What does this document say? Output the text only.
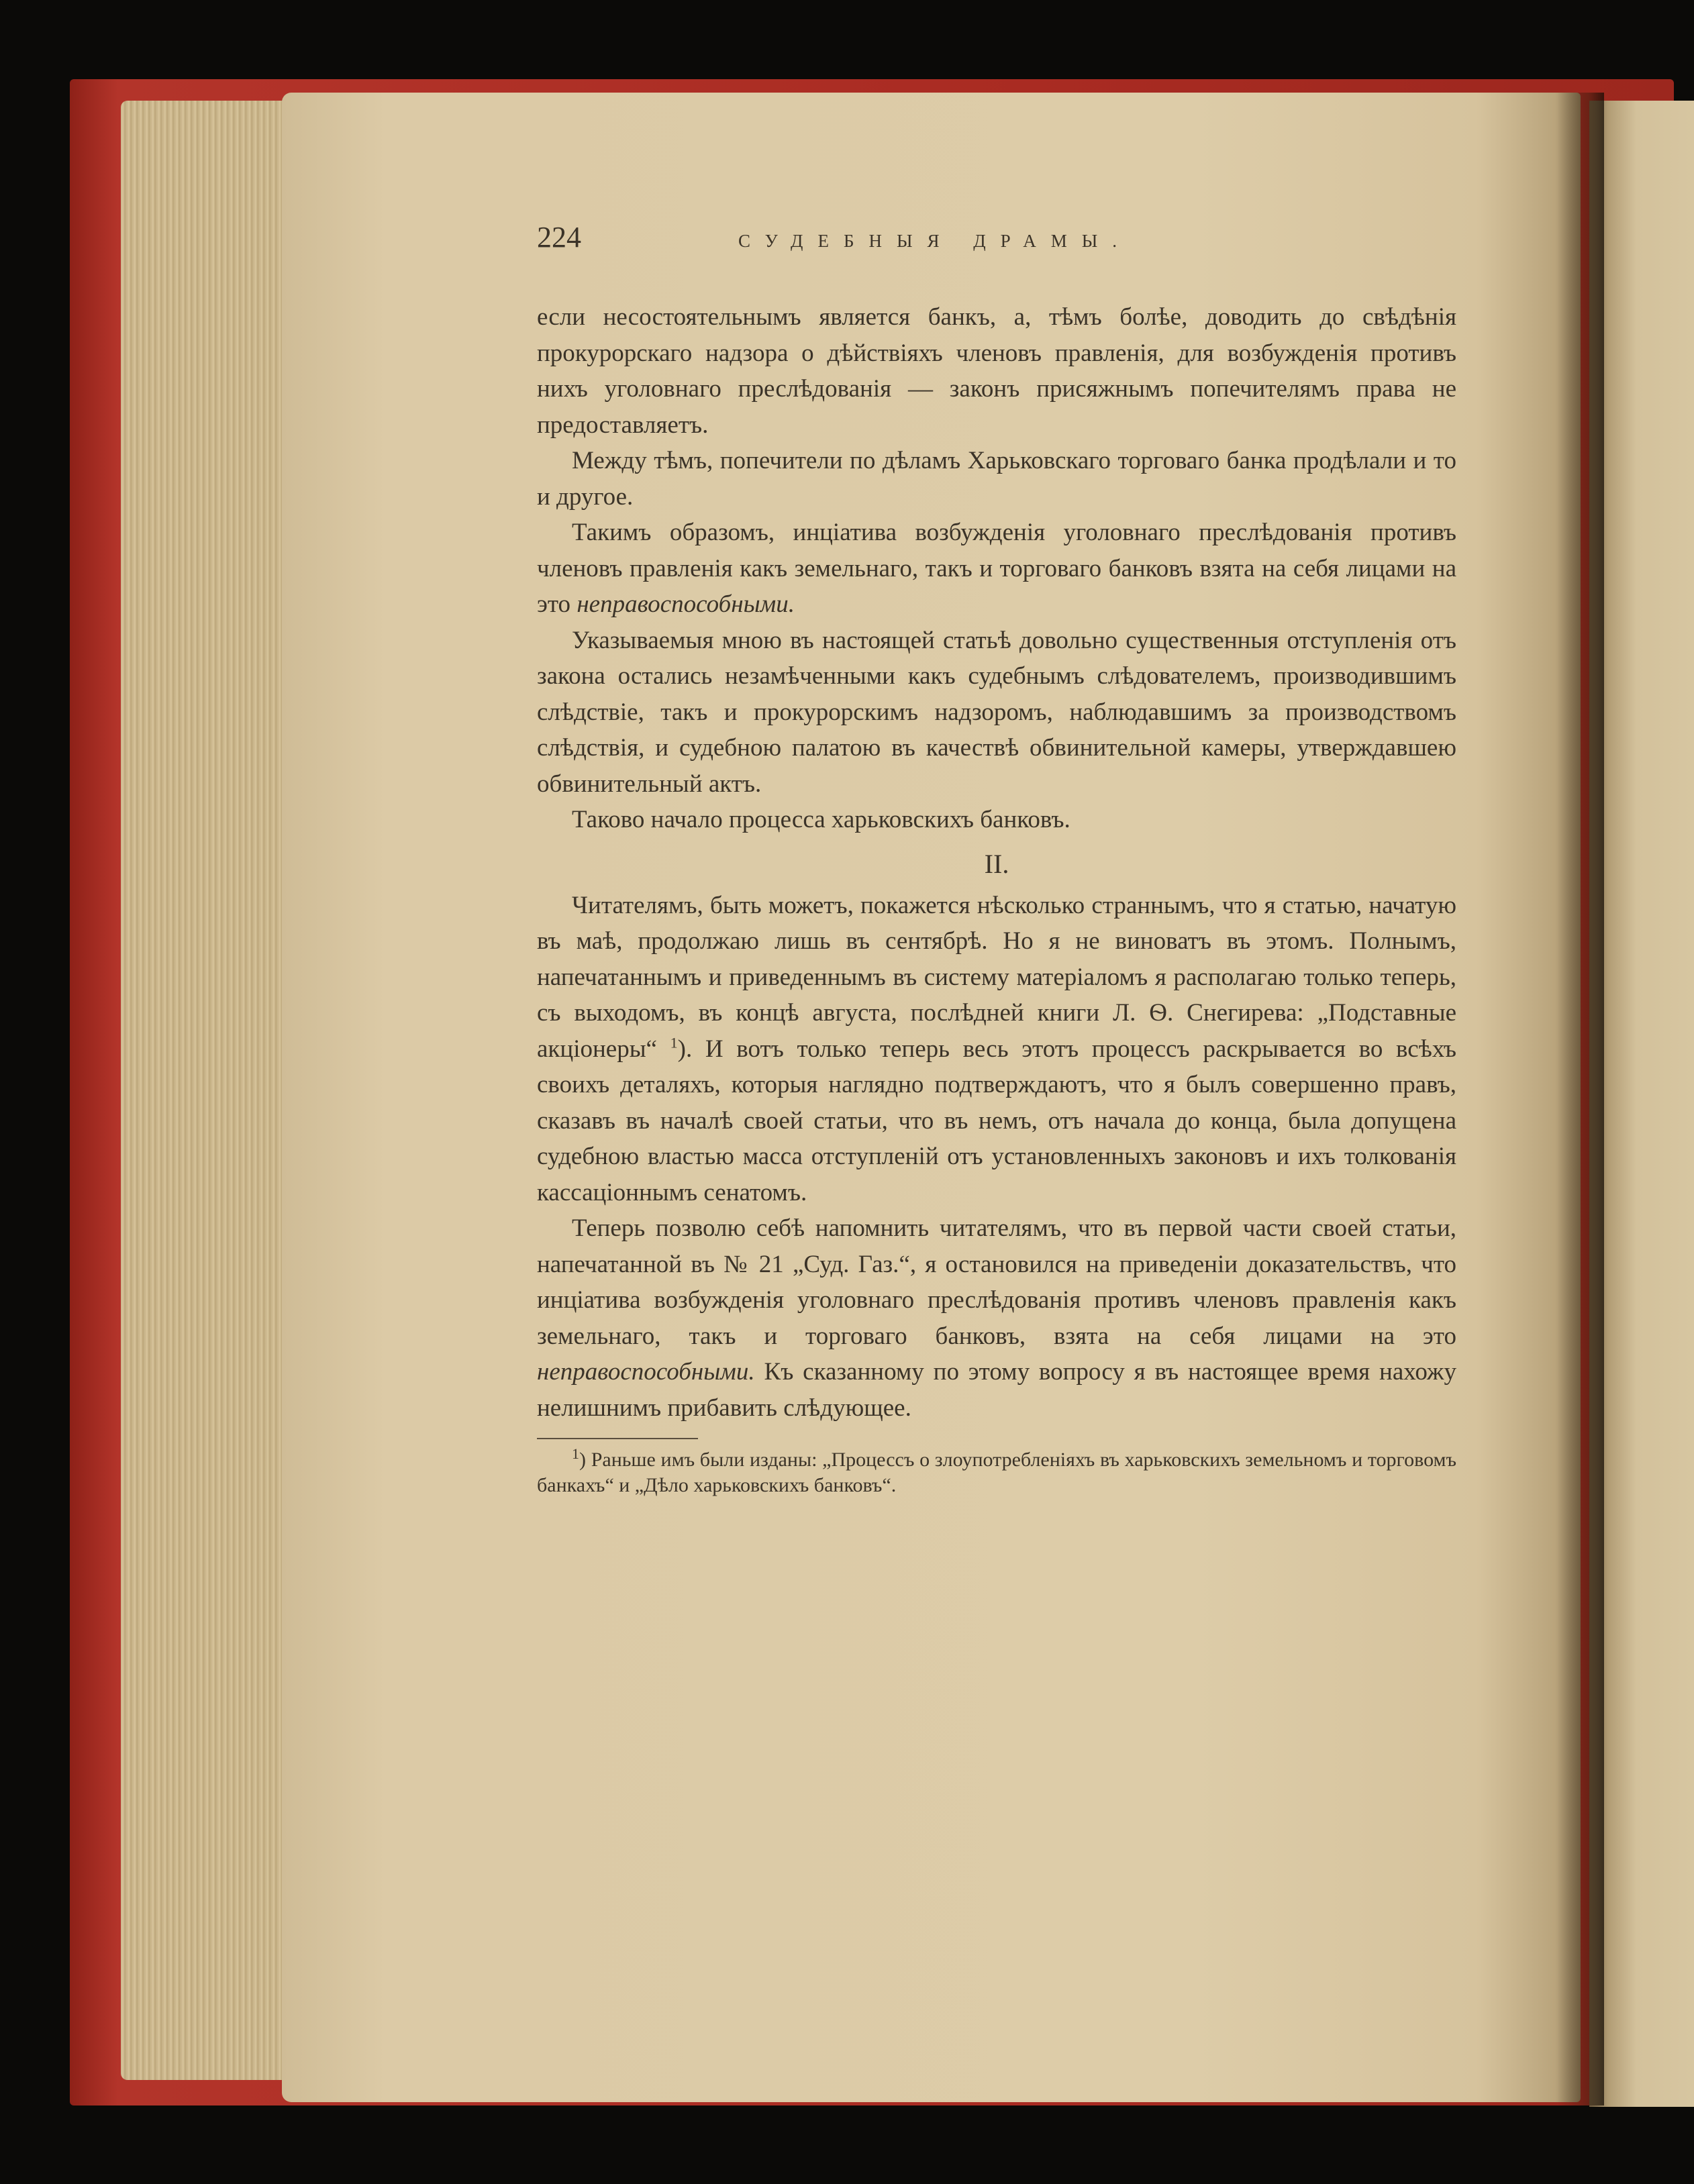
224	СУДЕБНЫЯ ДРАМЫ.

если несостоятельнымъ является банкъ, а, тѣмъ болѣе, доводить до свѣдѣнія прокурорскаго надзора о дѣйствіяхъ членовъ правленія, для возбужденія противъ нихъ уголовнаго преслѣдованія — законъ присяжнымъ попечителямъ права не предоставляетъ.

Между тѣмъ, попечители по дѣламъ Харьковскаго торговаго банка продѣлали и то и другое.

Такимъ образомъ, инціатива возбужденія уголовнаго преслѣдованія противъ членовъ правленія какъ земельнаго, такъ и торговаго банковъ взята на себя лицами на это неправоспособными.

Указываемыя мною въ настоящей статьѣ довольно существенныя отступленія отъ закона остались незамѣченными какъ судебнымъ слѣдователемъ, производившимъ слѣдствіе, такъ и прокурорскимъ надзоромъ, наблюдавшимъ за производствомъ слѣдствія, и судебною палатою въ качествѣ обвинительной камеры, утверждавшею обвинительный актъ.

Таково начало процесса харьковскихъ банковъ.

II.

Читателямъ, быть можетъ, покажется нѣсколько страннымъ, что я статью, начатую въ маѣ, продолжаю лишь въ сентябрѣ. Но я не виноватъ въ этомъ. Полнымъ, напечатаннымъ и приведеннымъ въ систему матеріаломъ я располагаю только теперь, съ выходомъ, въ концѣ августа, послѣдней книги Л. Ѳ. Снегирева: „Подставные акціонеры“ $^1$). И вотъ только теперь весь этотъ процессъ раскрывается во всѣхъ своихъ деталяхъ, которыя наглядно подтверждаютъ, что я былъ совершенно правъ, сказавъ въ началѣ своей статьи, что въ немъ, отъ начала до конца, была допущена судебною властью масса отступленій отъ установленныхъ законовъ и ихъ толкованія кассаціоннымъ сенатомъ.

Теперь позволю себѣ напомнить читателямъ, что въ первой части своей статьи, напечатанной въ № 21 „Суд. Газ.“, я остановился на приведеніи доказательствъ, что инціатива возбужденія уголовнаго преслѣдованія противъ членовъ правленія какъ земельнаго, такъ и торговаго банковъ, взята на себя лицами на это неправоспособными. Къ сказанному по этому вопросу я въ настоящее время нахожу нелишнимъ прибавить слѣдующее.

$^1$) Раньше имъ были изданы: „Процессъ о злоупотребленіяхъ въ харьковскихъ земельномъ и торговомъ банкахъ“ и „Дѣло харьковскихъ банковъ“.
